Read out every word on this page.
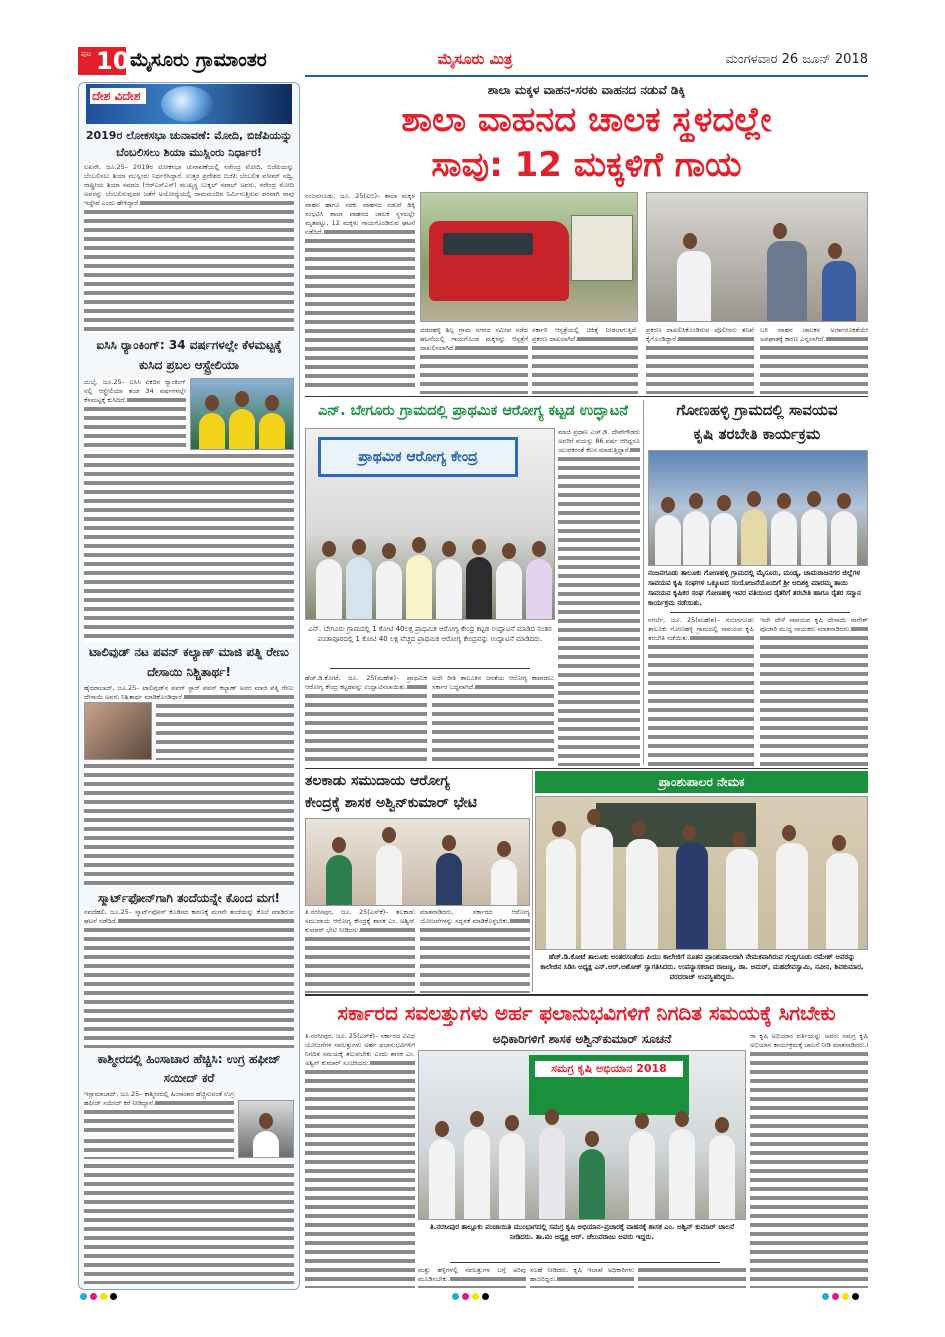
ಪುಟ 10 ಮೈಸೂರು ಗ್ರಾಮಾಂತರ	ಮೈಸೂರು ಮಿತ್ರ	ಮಂಗಳವಾರ 26 ಜೂನ್ 2018
ದೇಶ ವಿದೇಶ
2019ರ ಲೋಕಸಭಾ ಚುನಾವಣೆ: ಮೋದಿ, ಬಿಜೆಪಿಯನ್ನು ಬೆಂಬಲಿಸಲು ಶಿಯಾ ಮುಸ್ಲಿಂರು ನಿರ್ಧಾರ!
ಲಖನೌ, ಜೂ.25– 2019ರ ಲೋಕಸಭಾ ಚುನಾವಣೆಯಲ್ಲಿ ನರೇಂದ್ರ ಮೋದಿ, ಬಿಜೆಪಿಯನ್ನು ಬೆಂಬಲಿಸಲು ಶಿಯಾ ಮುಸ್ಲಿಂರು ನಿರ್ಧರಿಸಿದ್ದಾರೆ. ಉತ್ತರ ಪ್ರದೇಶದ ಬಿಜೆಪಿ ಬೆಂಬಲಿತ ವಸೀಮ್ ನದ್ವಿ, ರಾಷ್ಟ್ರೀಯ ಶಿಯಾ ಸಮಾಜ (ಆರ್‌ಎಸ್‌ಎಸ್) ಮುಖ್ಯಸ್ಥ ಬುಕ್ಕಲ್ ನವಾಬ್ ಅವರು, ನರೇಂದ್ರ ಮೋದಿ ಅವರನ್ನು ಬೆಂಬಲಿಸುವುದರ ಜತೆಗೆ ಅಯೋಧ್ಯೆಯಲ್ಲಿ ರಾಮಮಂದಿರ ನಿರ್ಮಿಸುತ್ತಿರುವ ಪರವಾಗಿ ನಾವು ಇದ್ದೇವೆ ಎಂದು ಹೇಳಿದ್ದಾರೆ.
ಐಸಿಸಿ ರ್‍ಯಾಂಕಿಂಗ್: 34 ವರ್ಷಗಳಲ್ಲೇ ಕೆಳಮಟ್ಟಕ್ಕೆ ಕುಸಿದ ಪ್ರಬಲ ಆಸ್ಟ್ರೇಲಿಯಾ
ದುಬೈ, ಜೂ.25– ಐಸಿಸಿ ಏಕದಿನ ರ್‍ಯಾಂಕಿಂಗ್ ನಲ್ಲಿ ಆಸ್ಟ್ರೇಲಿಯಾ ತಂಡ 34 ವರ್ಷಗಳಲ್ಲೇ ಕೆಳಮಟ್ಟಕ್ಕೆ ಕುಸಿದಿದೆ.
ಟಾಲಿವುಡ್ ನಟ ಪವನ್ ಕಲ್ಯಾಣ್ ಮಾಜಿ ಪತ್ನಿ ರೇಣು ದೇಸಾಯಿ ನಿಶ್ಚಿತಾರ್ಥ!
ಹೈದರಾಬಾದ್, ಜೂ.25– ಟಾಲಿವುಡ್‌ನ ಪವರ್ ಸ್ಟಾರ್ ಪವನ್ ಕಲ್ಯಾಣ್ ಅವರ ಮಾಜಿ ಪತ್ನಿ ರೇಣು ದೇಸಾಯಿ ಅವರು ನಿಶ್ಚಿತಾರ್ಥ ಮಾಡಿಕೊಂಡಿದ್ದಾರೆ.
ಸ್ಮಾರ್ಟ್‌ಫೋನ್‌ಗಾಗಿ ತಂದೆಯನ್ನೇ ಕೊಂದ ಮಗ!
ನವದೆಹಲಿ, ಜೂ.25– ಸ್ಮಾರ್ಟ್‌ಫೋನ್ ಕೊಡಿಸದ ಕಾರಣಕ್ಕೆ ಮಗನೇ ತಂದೆಯನ್ನು ಕೊಲೆ ಮಾಡಿರುವ ಘಟನೆ ನಡೆದಿದೆ.
ಕಾಶ್ಮೀರದಲ್ಲಿ ಹಿಂಸಾಚಾರ ಹೆಚ್ಚಿಸಿ: ಉಗ್ರ ಹಫೀಜ್ ಸಯೀದ್ ಕರೆ
ಇಸ್ಲಾಮಾಬಾದ್, ಜೂ.25– ಕಾಶ್ಮೀರದಲ್ಲಿ ಹಿಂಸಾಚಾರ ಹೆಚ್ಚಿಸುವಂತೆ ಉಗ್ರ ಹಫೀಜ್ ಸಯೀದ್ ಕರೆ ನೀಡಿದ್ದಾನೆ.
ಶಾಲಾ ಮಕ್ಕಳ ವಾಹನ-ಸರಕು ವಾಹನದ ನಡುವೆ ಡಿಕ್ಕಿ
ಶಾಲಾ ವಾಹನದ ಚಾಲಕ ಸ್ಥಳದಲ್ಲೇ
ಸಾವು: 12 ಮಕ್ಕಳಿಗೆ ಗಾಯ
ನಂಜನಗೂಡು, ಜೂ. 25(ಐಬಿ)– ಶಾಲಾ ಮಕ್ಕಳ ವಾಹನ ಹಾಗೂ ಸರಕು ವಾಹನದ ನಡುವೆ ಡಿಕ್ಕಿ ಸಂಭವಿಸಿ ಶಾಲಾ ವಾಹನದ ಚಾಲಕ ಸ್ಥಳದಲ್ಲೇ ಮೃತಪಟ್ಟು, 12 ಮಕ್ಕಳು ಗಾಯಗೊಂಡಿರುವ ಘಟನೆ ನಡೆದಿದೆ.
ದಡದಹಳ್ಳಿ ಶಿಲ್ಪ ಗ್ರಾಮ ನಗರದ ಸಮೀಪ ನಡೆದ ಘಟನೆಯಲ್ಲಿ ಗಾಯಗೊಂಡ ಮಕ್ಕಳನ್ನು ಆಸ್ಪತ್ರೆಗೆ ದಾಖಲಿಸಲಾಗಿದೆ.
ಸರ್ಕಾರಿ ಆಸ್ಪತ್ರೆಯಲ್ಲಿ ಚಿಕಿತ್ಸೆ ನೀಡಲಾಗುತ್ತಿದೆ. ಪ್ರಕರಣ ದಾಖಲಾಗಿದೆ.
ಪ್ರಕರಣ ದಾಖಲಿಸಿಕೊಂಡಿರುವ ಪೊಲೀಸರು ತನಿಖೆ ಕೈಗೊಂಡಿದ್ದಾರೆ.
ಬಳಿ ವಾಹನ ಚಾಲಕನ ಅಜಾಗರೂಕತೆಯೇ ಅಪಘಾತಕ್ಕೆ ಕಾರಣ ಎನ್ನಲಾಗಿದೆ.
ಎನ್. ಬೇಗೂರು ಗ್ರಾಮದಲ್ಲಿ ಪ್ರಾಥಮಿಕ ಆರೋಗ್ಯ ಕಟ್ಟಡ ಉದ್ಘಾಟನೆ
ಪ್ರಾಥಮಿಕ ಆರೋಗ್ಯ ಕೇಂದ್ರ
ಎನ್. ಬೇಗೂರು ಗ್ರಾಮದಲ್ಲಿ 1 ಕೋಟಿ 40ಲಕ್ಷ ಪ್ರಾಥಮಿಕ ಆರೋಗ್ಯ ಕೇಂದ್ರ ಕಟ್ಟಡ ಉದ್ಘಾಟನೆ ಮಾಡಿದ ನಂತರ ಪಂಡಾಪೂರದಲ್ಲಿ 1 ಕೋಟಿ 40 ಲಕ್ಷ ವೆಚ್ಚದ ಪ್ರಾಥಮಿಕ ಆರೋಗ್ಯ ಕೇಂದ್ರವನ್ನು ಉದ್ಘಾಟನೆ ಮಾಡಿದರು.
ಮಾಜಿ ಪ್ರಧಾನಿ ಎಚ್.ಡಿ. ದೇವೇಗೌಡರು ಅವರಿಗೆ ವಯಸ್ಸು 86 ವರ್ಷ ಆಗಿದ್ದರೂ ಯುವಕರಂತೆ ಕೆಲಸ ಮಾಡುತ್ತಿದ್ದಾರೆ.
ಹೆಚ್.ಡಿ.ಕೋಟೆ, ಜೂ. 25(ಮಹೇಶ)– ಪ್ರಾಥಮಿಕ ಆರೋಗ್ಯ ಕೇಂದ್ರ ಕಟ್ಟಡವನ್ನು ಉದ್ಘಾಟಿಸಲಾಯಿತು.
ಅದೇ ರೀತಿ ತಾಲೂಕಿನ ಜನತೆಯ ಆರೋಗ್ಯ ಕಾಪಾಡಲು ಸರ್ಕಾರ ಬದ್ಧವಾಗಿದೆ.
ಗೋಣಹಳ್ಳಿ ಗ್ರಾಮದಲ್ಲಿ ಸಾವಯವ
ಕೃಷಿ ತರಬೇತಿ ಕಾರ್ಯಕ್ರಮ
ನಂಜನಗೂಡು ತಾಲೂಕು ಗೋಣಹಳ್ಳಿ ಗ್ರಾಮದಲ್ಲಿ ಮೈಸೂರು, ಮಂಡ್ಯ, ಚಾಮರಾಜನಗರ ಜಿಲ್ಲೆಗಳ ಸಾವಯವ ಕೃಷಿ ಸಂಘಗಳ ಒಕ್ಕೂಟದ ಸಂಯೋಜನೆಯೊಂದಿಗೆ ಶ್ರೀ ಆದಿಶಕ್ತಿ ಮಾರಮ್ಮ ತಾಯಿ ಸಾವಯವ ಕೃಷಿಕರ ಸಂಘ ಗೋಣಹಳ್ಳಿ ಇವರ ವತಿಯಿಂದ ರೈತರಿಗೆ ತರಬೇತಿ ಹಾಗೂ ರೈತರ ಸನ್ಮಾನ ಕಾರ್ಯಕ್ರಮ ನಡೆಯಿತು.
ನಗರ್ಲೆ, ಜೂ. 25(ಮಹೇಶ)– ನಂಜನಗೂಡು ತಾಲೂಕು ಗೋಣಹಳ್ಳಿ ಗ್ರಾಮದಲ್ಲಿ ಸಾವಯವ ಕೃಷಿ ತರಬೇತಿ ನಡೆಯಿತು.
ಇದೇ ವೇಳೆ ಸಾವಯವ ಕೃಷಿ ದೇಸಾಯಿ ನಾಗೇಶ್ ಪೂಜಾರಿ ಮುದ್ದ ನಾಯಕರು ಮಾತನಾಡಿದರು.
ತಲಕಾಡು ಸಮುದಾಯ ಆರೋಗ್ಯ
ಕೇಂದ್ರಕ್ಕೆ ಶಾಸಕ ಅಶ್ವಿನ್‌ಕುಮಾರ್ ಭೇಟಿ
ತಿ.ನರಸೀಪುರ, ಜೂ. 25(ಎಸ್‌ಕೆ)– ತಲಕಾಡು ಸಮುದಾಯ ಆರೋಗ್ಯ ಕೇಂದ್ರಕ್ಕೆ ಶಾಸಕ ಎಂ. ಅಶ್ವಿನ್ ಕುಮಾರ್ ಭೇಟಿ ನೀಡಿದರು.
ಮಾತನಾಡಿದರು, ಸರ್ಕಾರದ ಆರೋಗ್ಯ ಯೋಜನೆಗಳನ್ನು ಸದ್ಬಳಕೆ ಮಾಡಿಕೊಳ್ಳಬೇಕು.
ಪ್ರಾಂಶುಪಾಲರ ನೇಮಕ
ಹೆಚ್.ಡಿ.ಕೋಟೆ ತಾಲೂಕು ಅಂತರಸಂತೆಯ ಪಿಯು ಕಾಲೇಜಿಗೆ ನೂತನ ಪ್ರಾಂಶುಪಾಲರಾಗಿ ನೇಮಕವಾಗಿರುವ ಗುಬ್ಬಿಗೂಡು ರಮೇಶ್ ಅವರನ್ನು ಕಾಲೇಜಿನ ಸಿಡಿಸಿ ಅಧ್ಯಕ್ಷ ಎನ್.ಆರ್.ಅಶೋಕ್ ಸ್ವಾಗತಿಸಿದರು. ಉಪನ್ಯಾಸಕರಾದ ರಾಜಣ್ಣ, ಡಾ. ಅಮರ್, ಮಹದೇವಸ್ವಾಮಿ, ನವೀನ, ಶಿವಕುಮಾರ, ವರದರಾಜ್ ಉಪಸ್ಥಿತರಿದ್ದರು.
ಸರ್ಕಾರದ ಸವಲತ್ತುಗಳು ಅರ್ಹ ಫಲಾನುಭವಿಗಳಿಗೆ ನಿಗದಿತ ಸಮಯಕ್ಕೆ ಸಿಗಬೇಕು
ಅಧಿಕಾರಿಗಳಿಗೆ ಶಾಸಕ ಅಶ್ವಿನ್‌ಕುಮಾರ್ ಸೂಚನೆ
ತಿ.ನರಸೀಪುರ, ಜೂ. 25(ಎಸ್‌ಕೆ)– ಸರ್ಕಾರದ ವಿವಿಧ ಯೋಜನೆಗಳ ಸವಲತ್ತುಗಳು ಅರ್ಹ ಫಲಾನುಭವಿಗಳಿಗೆ ನಿಗದಿತ ಸಮಯಕ್ಕೆ ತಲುಪಬೇಕು ಎಂದು ಶಾಸಕ ಎಂ. ಅಶ್ವಿನ್ ಕುಮಾರ್ ಸೂಚಿಸಿದರು.	ಸಮಗ್ರ ಕೃಷಿ ಅಭಿಯಾನ 2018
ತಿ.ನರಸೀಪುರ ತಾಲ್ಲೂಕು ಪಂಚಾಯಿತಿ ಮುಂಭಾಗದಲ್ಲಿ ಸಮಗ್ರ ಕೃಷಿ ಅಭಿಯಾನ–ಪ್ರಚಾರಕ್ಕೆ ವಾಹನಕ್ಕೆ ಶಾಸಕ ಎಂ. ಅಶ್ವಿನ್ ಕುಮಾರ್ ಚಾಲನೆ ನೀಡಿದರು. ತಾ.ಪಂ ಅಧ್ಯಕ್ಷ ಆರ್. ಚೆಲುವರಾಜು ಅವರು ಇದ್ದರು.
ಮತ್ತು ಹಳ್ಳಿಗಳಲ್ಲಿ ಸವಲತ್ತುಗಳ ಬಗ್ಗೆ ಅರಿವು ಮೂಡಿಸಬೇಕು.
ಸಲಹೆ ನೀಡಿದರು. ಕೃಷಿ ಇಲಾಖೆ ಅಧಿಕಾರಿಗಳು ಹಾಜರಿದ್ದರು.
ರಾ ಕೃಷಿ ಅಭಿಯಾನ ವರ್ತಿಯನ್ನು ಅವರು ಸಮಗ್ರ ಕೃಷಿ ಅಭಿಯಾನ ಕಾರ್ಯಕ್ರಮಕ್ಕೆ ಚಾಲನೆ ನೀಡಿ ಮಾತನಾಡಿದರು.
